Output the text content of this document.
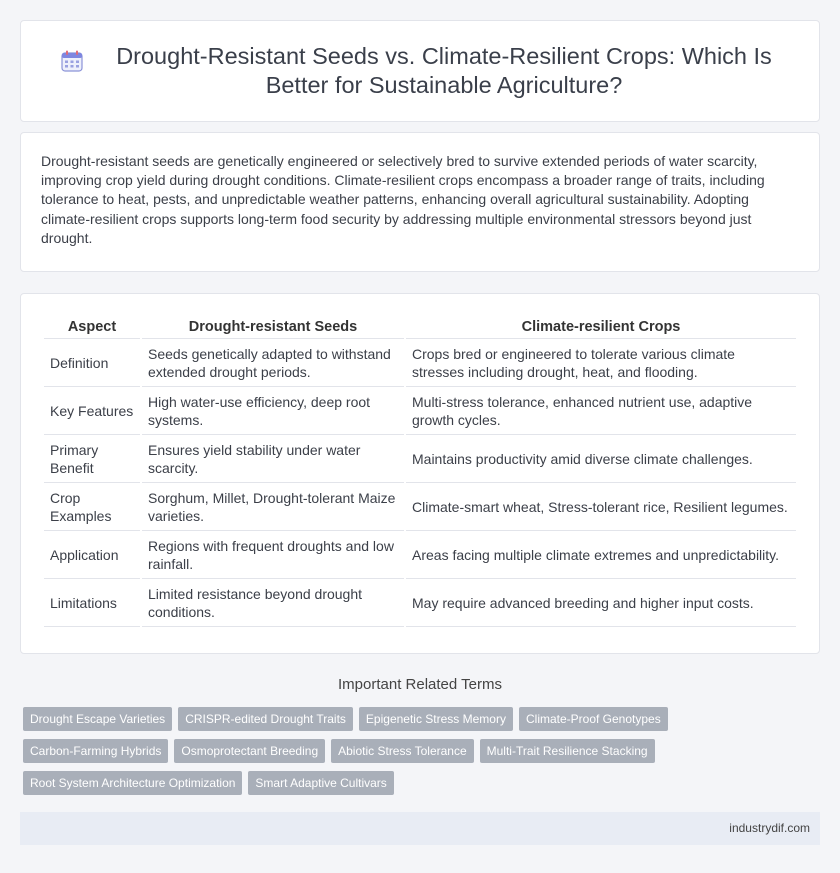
Drought-Resistant Seeds vs. Climate-Resilient Crops: Which Is Better for Sustainable Agriculture?

Drought-resistant seeds are genetically engineered or selectively bred to survive extended periods of water scarcity, improving crop yield during drought conditions. Climate-resilient crops encompass a broader range of traits, including tolerance to heat, pests, and unpredictable weather patterns, enhancing overall agricultural sustainability. Adopting climate-resilient crops supports long-term food security by addressing multiple environmental stressors beyond just drought.

Aspect	Drought-resistant Seeds	Climate-resilient Crops
Definition	Seeds genetically adapted to withstand extended drought periods.	Crops bred or engineered to tolerate various climate stresses including drought, heat, and flooding.
Key Features	High water-use efficiency, deep root systems.	Multi-stress tolerance, enhanced nutrient use, adaptive growth cycles.
Primary Benefit	Ensures yield stability under water scarcity.	Maintains productivity amid diverse climate challenges.
Crop Examples	Sorghum, Millet, Drought-tolerant Maize varieties.	Climate-smart wheat, Stress-tolerant rice, Resilient legumes.
Application	Regions with frequent droughts and low rainfall.	Areas facing multiple climate extremes and unpredictability.
Limitations	Limited resistance beyond drought conditions.	May require advanced breeding and higher input costs.
Important Related Terms
Drought Escape Varieties	CRISPR-edited Drought Traits	Epigenetic Stress Memory	Climate-Proof Genotypes
Carbon-Farming Hybrids	Osmoprotectant Breeding	Abiotic Stress Tolerance	Multi-Trait Resilience Stacking
Root System Architecture Optimization	Smart Adaptive Cultivars
industrydif.com
